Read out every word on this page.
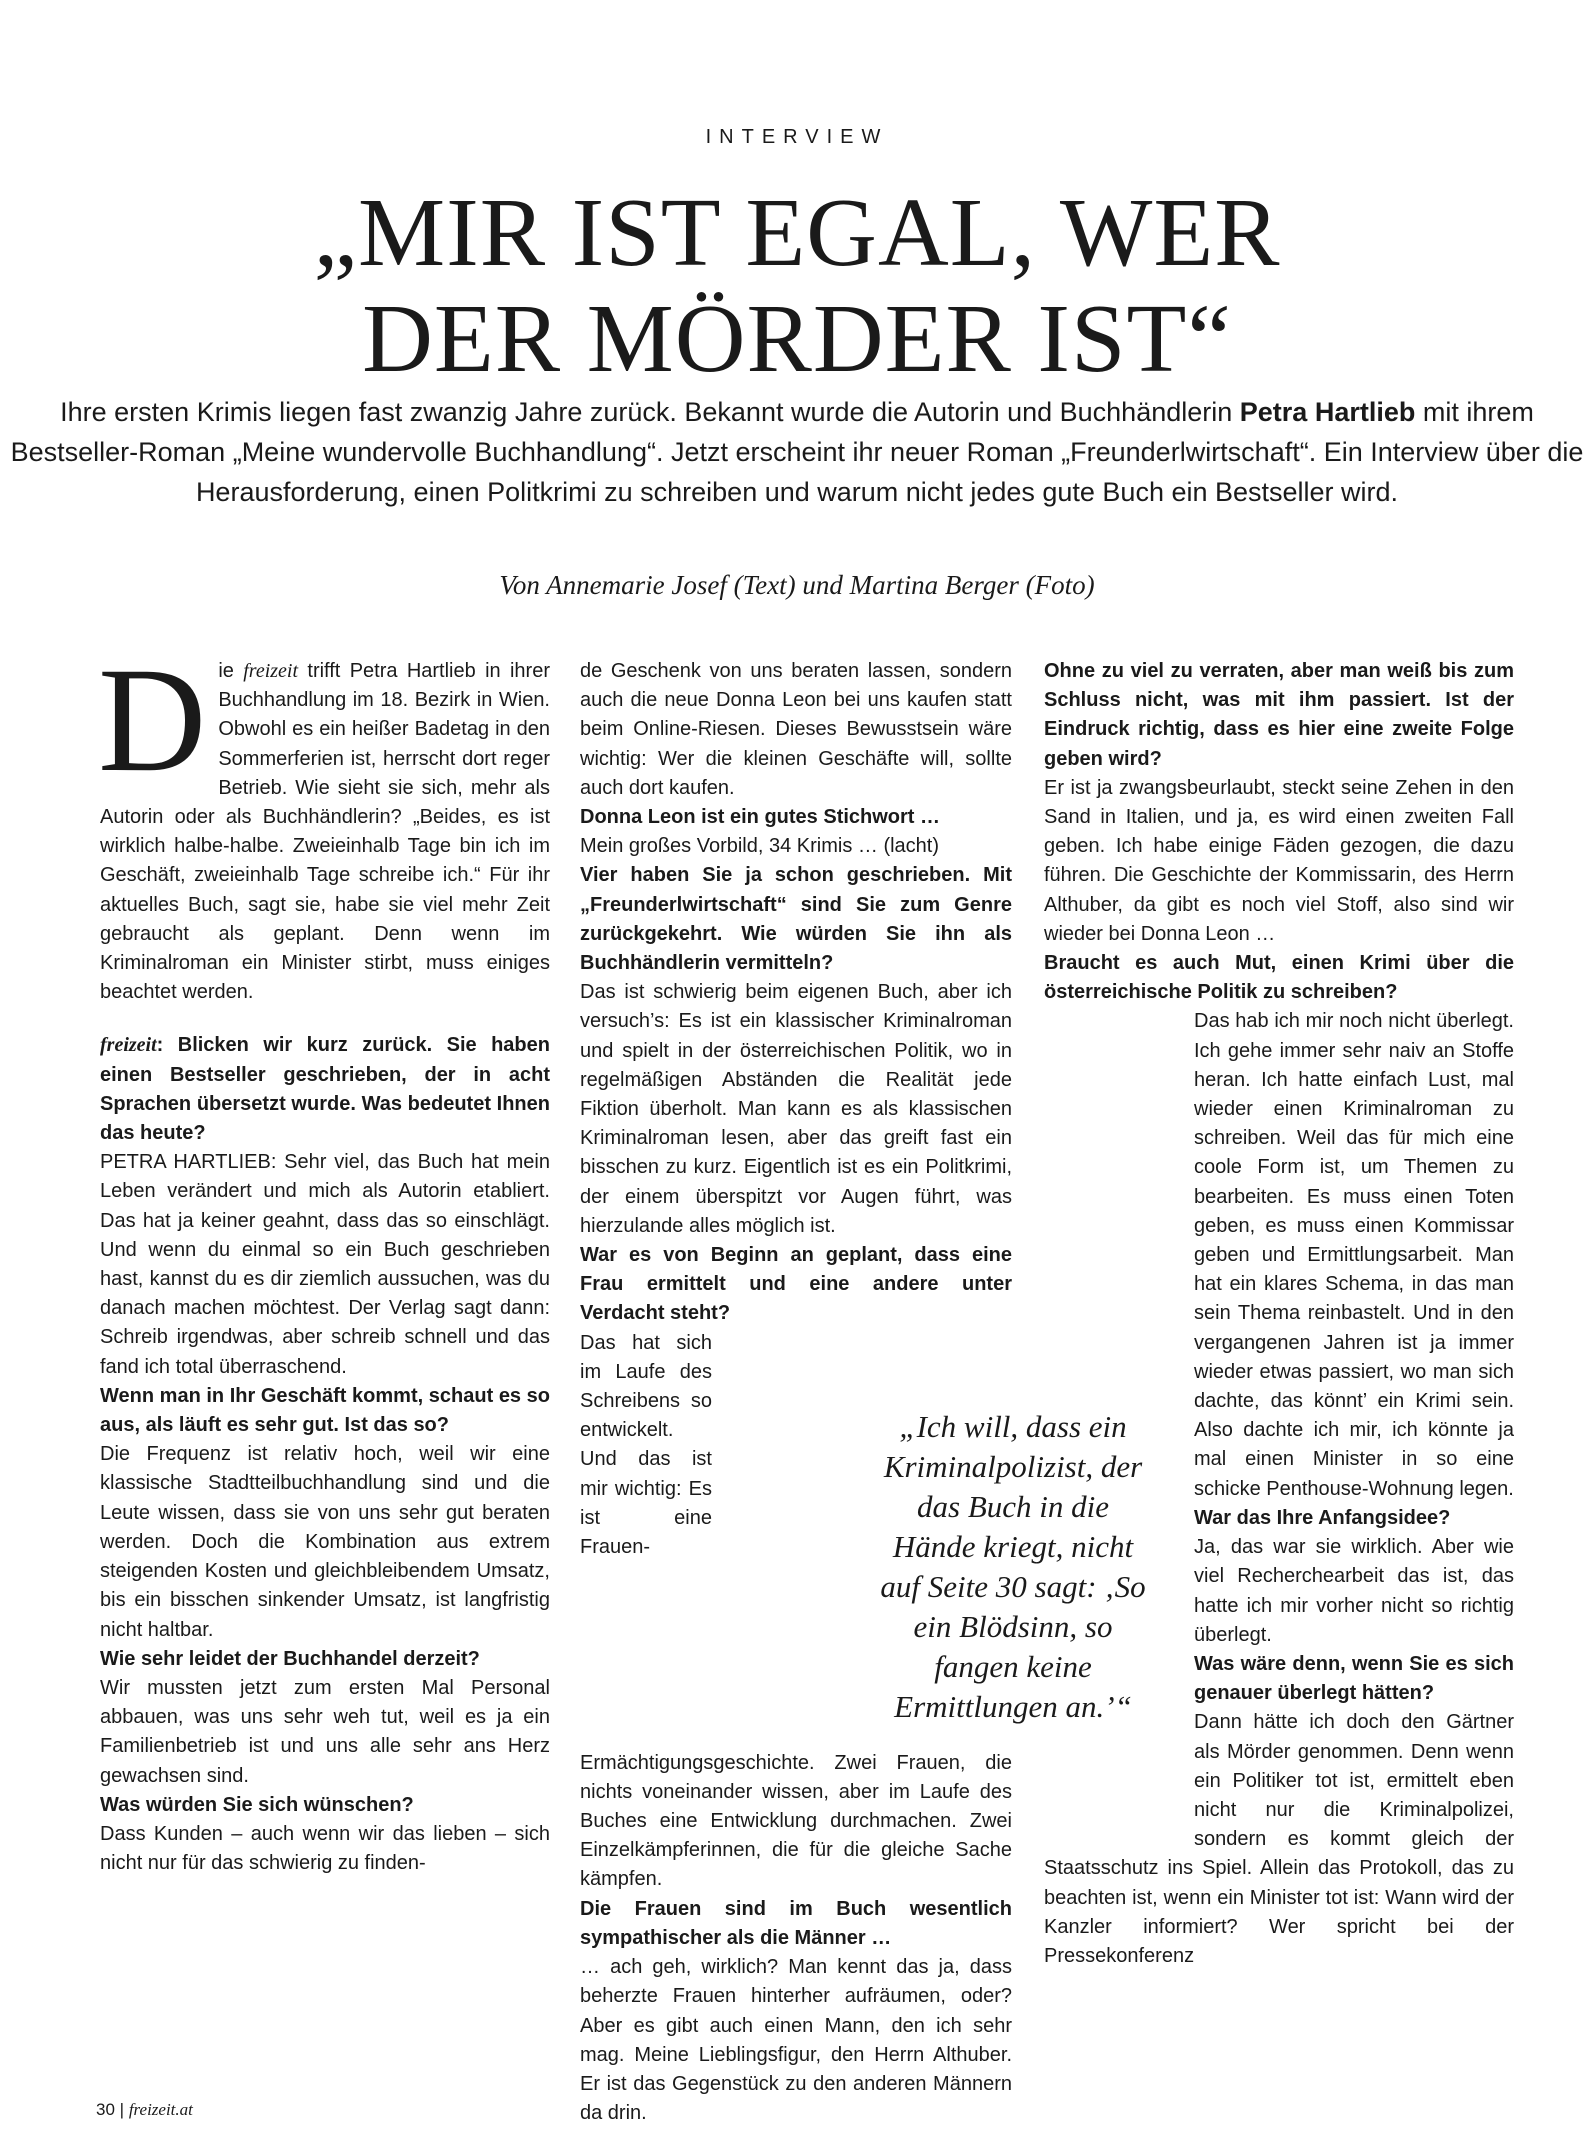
INTERVIEW
„MIR IST EGAL, WER
DER MÖRDER IST“
Ihre ersten Krimis liegen fast zwanzig Jahre zurück. Bekannt wurde die Autorin und Buchhändlerin Petra Hartlieb mit ihrem Bestseller-Roman „Meine wundervolle Buchhandlung“. Jetzt erscheint ihr neuer Roman „Freunderlwirtschaft“. Ein Interview über die Herausforderung, einen Politkrimi zu schreiben und warum nicht jedes gute Buch ein Bestseller wird.
Von Annemarie Josef (Text) und Martina Berger (Foto)

Die freizeit trifft Petra Hartlieb in ihrer Buchhandlung im 18. Bezirk in Wien. Obwohl es ein heißer Badetag in den Sommerferien ist, herrscht dort reger Betrieb. Wie sieht sie sich, mehr als Autorin oder als Buchhändlerin? „Beides, es ist wirklich halbe-halbe. Zweieinhalb Tage bin ich im Geschäft, zweieinhalb Tage schreibe ich.“ Für ihr aktuelles Buch, sagt sie, habe sie viel mehr Zeit gebraucht als geplant. Denn wenn im Kriminalroman ein Minister stirbt, muss einiges beachtet werden.

freizeit: Blicken wir kurz zurück. Sie haben einen Bestseller geschrieben, der in acht Sprachen übersetzt wurde. Was bedeutet Ihnen das heute?

PETRA HARTLIEB: Sehr viel, das Buch hat mein Leben verändert und mich als Autorin etabliert. Das hat ja keiner geahnt, dass das so einschlägt. Und wenn du einmal so ein Buch geschrieben hast, kannst du es dir ziemlich aussuchen, was du danach machen möchtest. Der Verlag sagt dann: Schreib irgendwas, aber schreib schnell und das fand ich total überraschend.

Wenn man in Ihr Geschäft kommt, schaut es so aus, als läuft es sehr gut. Ist das so?

Die Frequenz ist relativ hoch, weil wir eine klassische Stadtteilbuchhandlung sind und die Leute wissen, dass sie von uns sehr gut beraten werden. Doch die Kombination aus extrem steigenden Kosten und gleichbleibendem Umsatz, bis ein bisschen sinkender Umsatz, ist langfristig nicht haltbar.

Wie sehr leidet der Buchhandel derzeit?

Wir mussten jetzt zum ersten Mal Personal abbauen, was uns sehr weh tut, weil es ja ein Familienbetrieb ist und uns alle sehr ans Herz gewachsen sind.

Was würden Sie sich wünschen?

Dass Kunden – auch wenn wir das lieben – sich nicht nur für das schwierig zu finden-

de Geschenk von uns beraten lassen, sondern auch die neue Donna Leon bei uns kaufen statt beim Online-Riesen. Dieses Bewusstsein wäre wichtig: Wer die kleinen Geschäfte will, sollte auch dort kaufen.

Donna Leon ist ein gutes Stichwort …

Mein großes Vorbild, 34 Krimis … (lacht)

Vier haben Sie ja schon geschrieben. Mit „Freunderlwirtschaft“ sind Sie zum Genre zurückgekehrt. Wie würden Sie ihn als Buchhändlerin vermitteln?

Das ist schwierig beim eigenen Buch, aber ich versuch’s: Es ist ein klassischer Kriminalroman und spielt in der österreichischen Politik, wo in regelmäßigen Abständen die Realität jede Fiktion überholt. Man kann es als klassischen Kriminalroman lesen, aber das greift fast ein bisschen zu kurz. Eigentlich ist es ein Politkrimi, der einem überspitzt vor Augen führt, was hierzulande alles möglich ist.

War es von Beginn an geplant, dass eine Frau ermittelt und eine andere unter Verdacht steht?

Das hat sich im Laufe des Schreibens so entwickelt. Und das ist mir wichtig: Es ist eine Frauen-Ermächtigungsgeschichte. Zwei Frauen, die nichts voneinander wissen, aber im Laufe des Buches eine Entwicklung durchmachen. Zwei Einzelkämpferinnen, die für die gleiche Sache kämpfen.

Die Frauen sind im Buch wesentlich sympathischer als die Männer …

… ach geh, wirklich? Man kennt das ja, dass beherzte Frauen hinterher aufräumen, oder? Aber es gibt auch einen Mann, den ich sehr mag. Meine Lieblingsfigur, den Herrn Althuber. Er ist das Gegenstück zu den anderen Männern da drin.

Ohne zu viel zu verraten, aber man weiß bis zum Schluss nicht, was mit ihm passiert. Ist der Eindruck richtig, dass es hier eine zweite Folge geben wird?

Er ist ja zwangsbeurlaubt, steckt seine Zehen in den Sand in Italien, und ja, es wird einen zweiten Fall geben. Ich habe einige Fäden gezogen, die dazu führen. Die Geschichte der Kommissarin, des Herrn Althuber, da gibt es noch viel Stoff, also sind wir wieder bei Donna Leon …

Braucht es auch Mut, einen Krimi über die österreichische Politik zu schreiben?

Das hab ich mir noch nicht überlegt. Ich gehe immer sehr naiv an Stoffe heran. Ich hatte einfach Lust, mal wieder einen Kriminalroman zu schreiben. Weil das für mich eine coole Form ist, um Themen zu bearbeiten. Es muss einen Toten geben, es muss einen Kommissar geben und Ermittlungsarbeit. Man hat ein klares Schema, in das man sein Thema reinbastelt. Und in den vergangenen Jahren ist ja immer wieder etwas passiert, wo man sich dachte, das könnt’ ein Krimi sein. Also dachte ich mir, ich könnte ja mal einen Minister in so eine schicke Penthouse-Wohnung legen.

War das Ihre Anfangsidee?

Ja, das war sie wirklich. Aber wie viel Recherchearbeit das ist, das hatte ich mir vorher nicht so richtig überlegt.

Was wäre denn, wenn Sie es sich genauer überlegt hätten?

Dann hätte ich doch den Gärtner als Mörder genommen. Denn wenn ein Politiker tot ist, ermittelt eben nicht nur die Kriminalpolizei, sondern es kommt gleich der Staatsschutz ins Spiel. Allein das Protokoll, das zu beachten ist, wenn ein Minister tot ist: Wann wird der Kanzler informiert? Wer spricht bei der Pressekonferenz

„Ich will, dass ein Kriminalpolizist, der das Buch in die Hände kriegt, nicht auf Seite 30 sagt: ‚So ein Blödsinn, so fangen keine Ermittlungen an.’“
30 | freizeit.at
